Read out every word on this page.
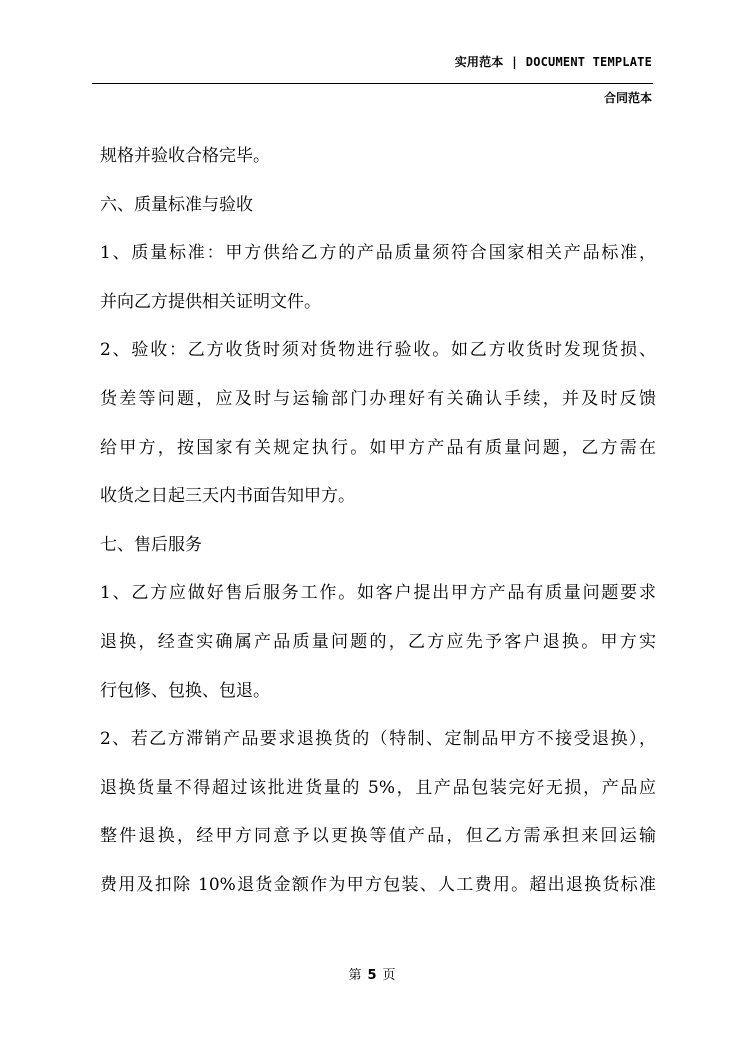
实用范本 | DOCUMENT TEMPLATE
合同范本
规格并验收合格完毕。
六、质量标准与验收
1、质量标准：甲方供给乙方的产品质量须符合国家相关产品标准，
并向乙方提供相关证明文件。
2、验收：乙方收货时须对货物进行验收。如乙方收货时发现货损、
货差等问题，应及时与运输部门办理好有关确认手续，并及时反馈
给甲方，按国家有关规定执行。如甲方产品有质量问题，乙方需在
收货之日起三天内书面告知甲方。
七、售后服务
1、乙方应做好售后服务工作。如客户提出甲方产品有质量问题要求
退换，经查实确属产品质量问题的，乙方应先予客户退换。甲方实
行包修、包换、包退。
2、若乙方滞销产品要求退换货的（特制、定制品甲方不接受退换），
退换货量不得超过该批进货量的 5%，且产品包装完好无损，产品应
整件退换，经甲方同意予以更换等值产品，但乙方需承担来回运输
费用及扣除 10%退货金额作为甲方包装、人工费用。超出退换货标准
第 5 页
